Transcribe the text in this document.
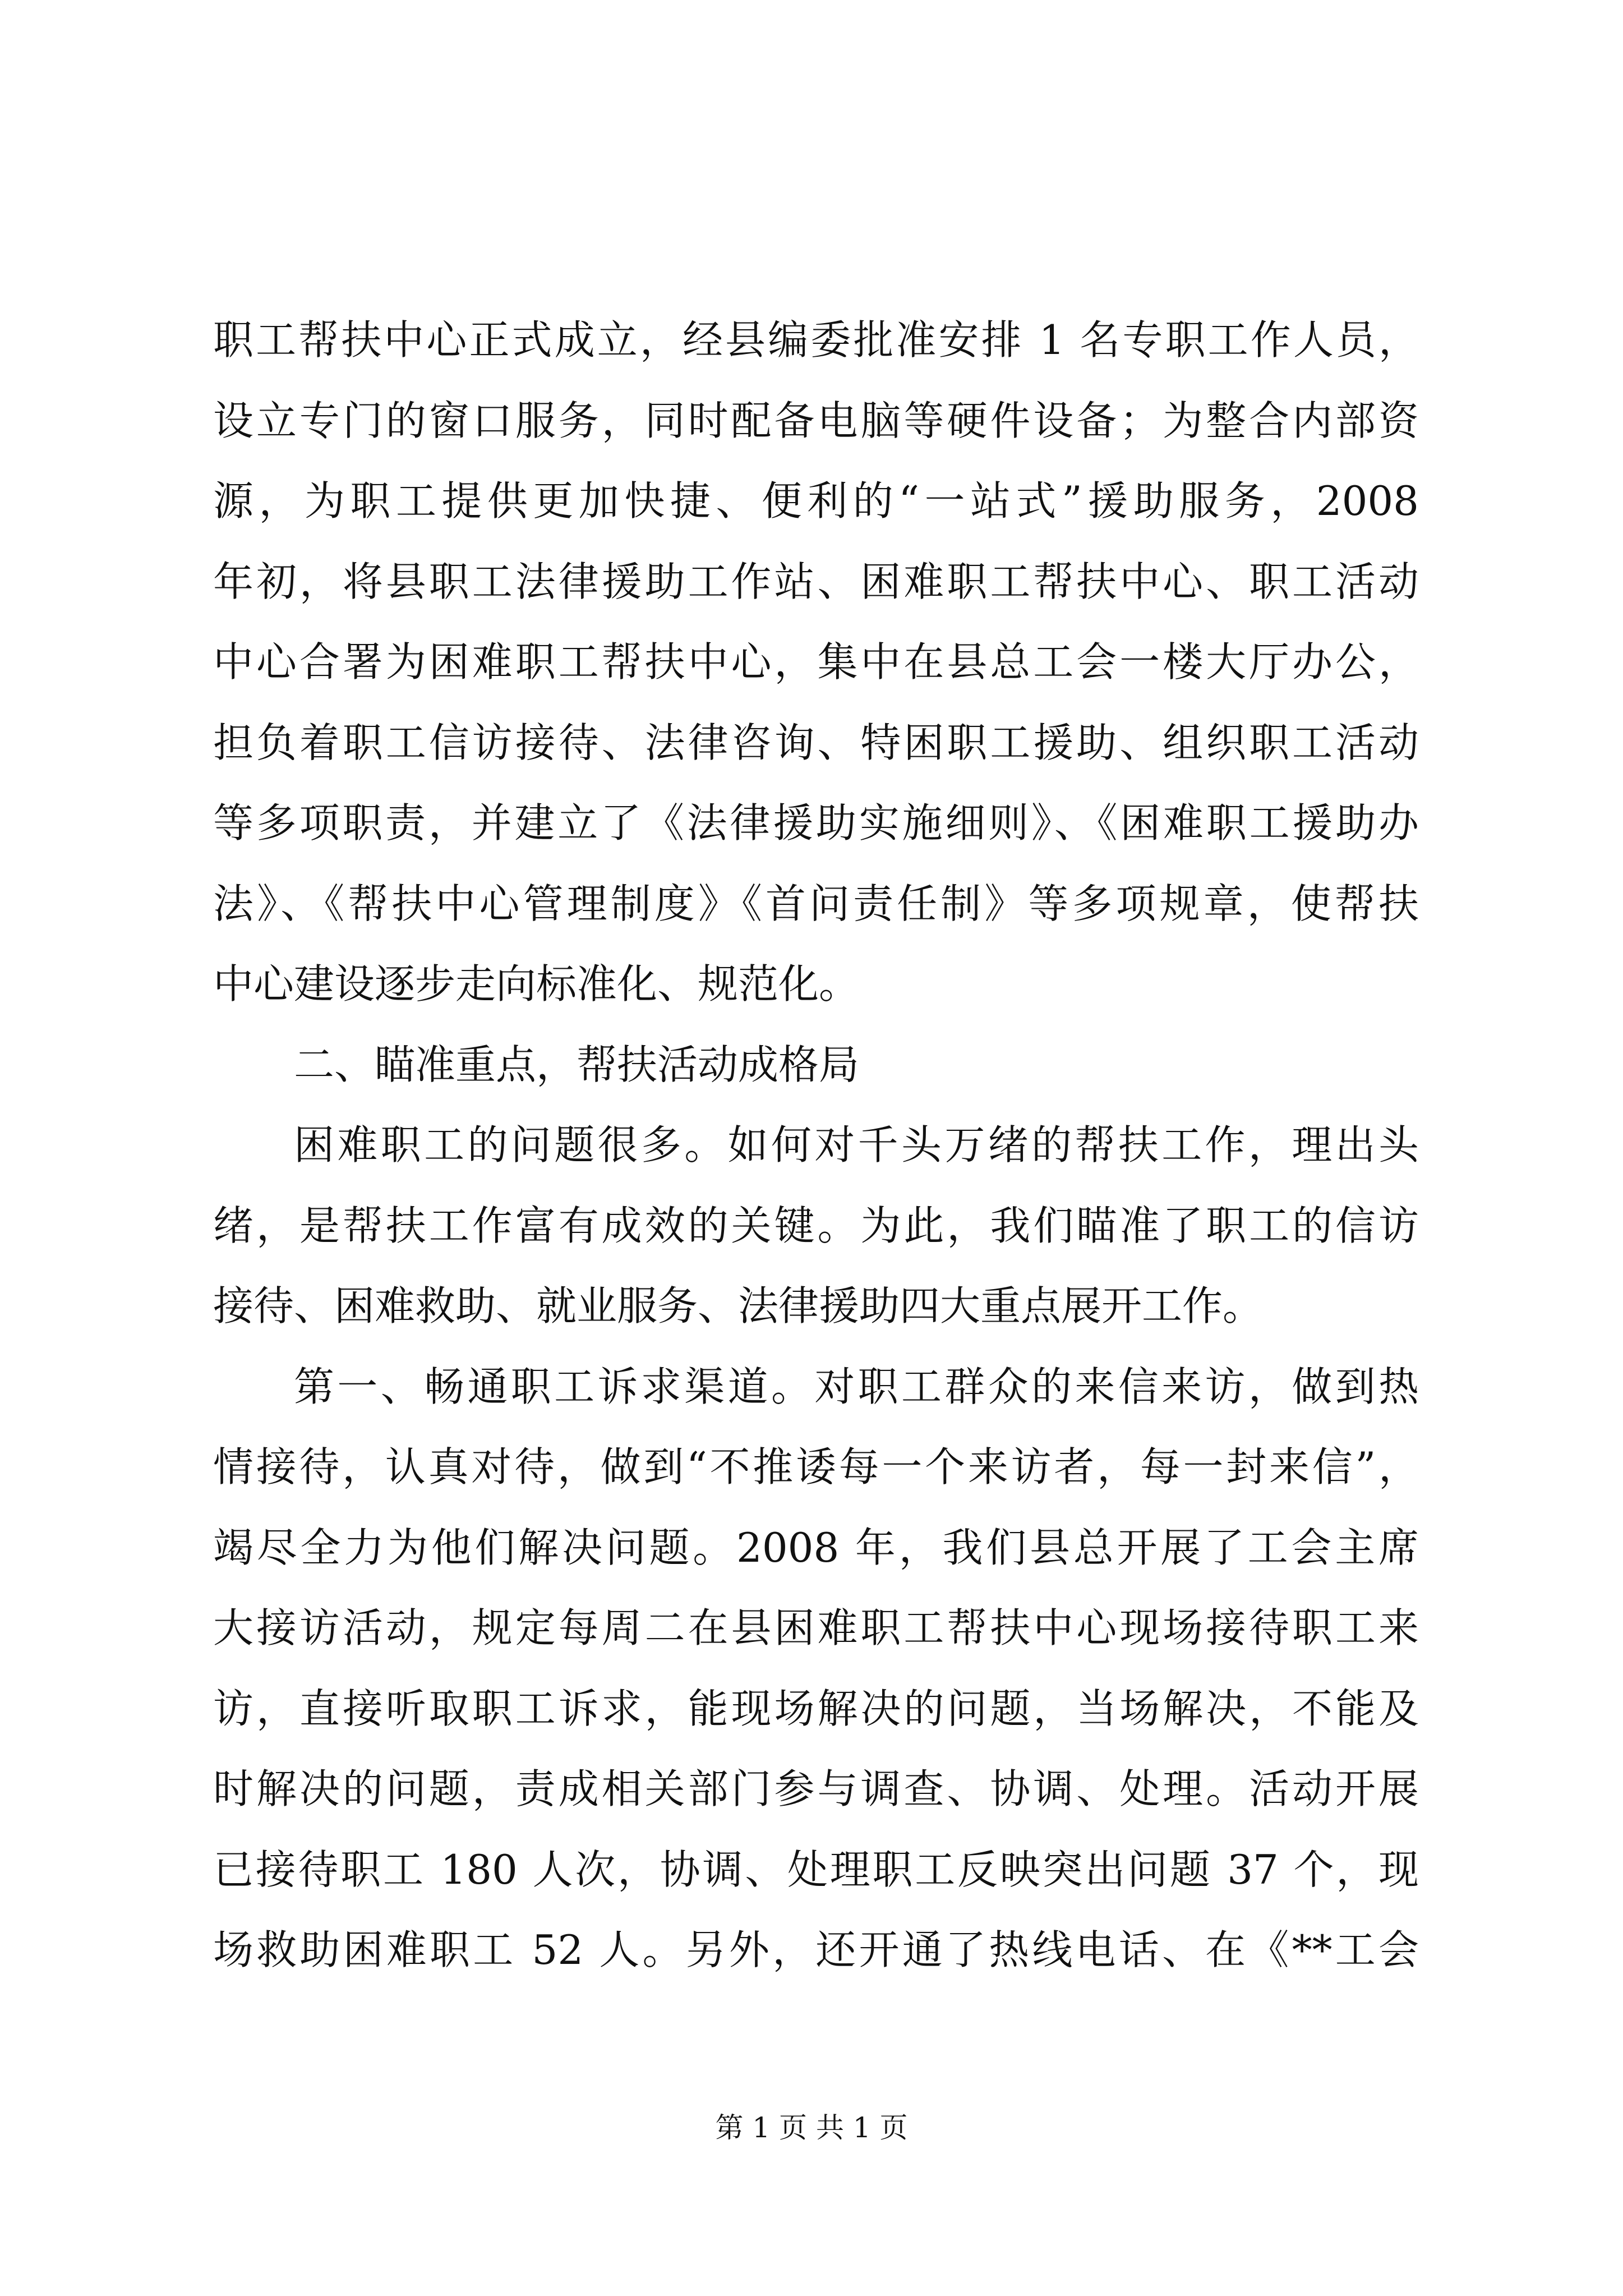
职工帮扶中心正式成立，经县编委批准安排 1 名专职工作人员，
设立专门的窗口服务，同时配备电脑等硬件设备；为整合内部资
源，为职工提供更加快捷、便利的“一站式”援助服务，2008
年初，将县职工法律援助工作站、困难职工帮扶中心、职工活动
中心合署为困难职工帮扶中心，集中在县总工会一楼大厅办公，
担负着职工信访接待、法律咨询、特困职工援助、组织职工活动
等多项职责，并建立了《法律援助实施细则》、《困难职工援助办
法》、《帮扶中心管理制度》《首问责任制》等多项规章，使帮扶
中心建设逐步走向标准化、规范化。
二、瞄准重点，帮扶活动成格局
困难职工的问题很多。如何对千头万绪的帮扶工作，理出头
绪，是帮扶工作富有成效的关键。为此，我们瞄准了职工的信访
接待、困难救助、就业服务、法律援助四大重点展开工作。
第一、畅通职工诉求渠道。对职工群众的来信来访，做到热
情接待，认真对待，做到“不推诿每一个来访者，每一封来信”，
竭尽全力为他们解决问题。2008 年，我们县总开展了工会主席
大接访活动，规定每周二在县困难职工帮扶中心现场接待职工来
访，直接听取职工诉求，能现场解决的问题，当场解决，不能及
时解决的问题，责成相关部门参与调查、协调、处理。活动开展
已接待职工 180 人次，协调、处理职工反映突出问题 37 个，现
场救助困难职工 52 人。另外，还开通了热线电话、在《**工会
第 1 页 共 1 页
